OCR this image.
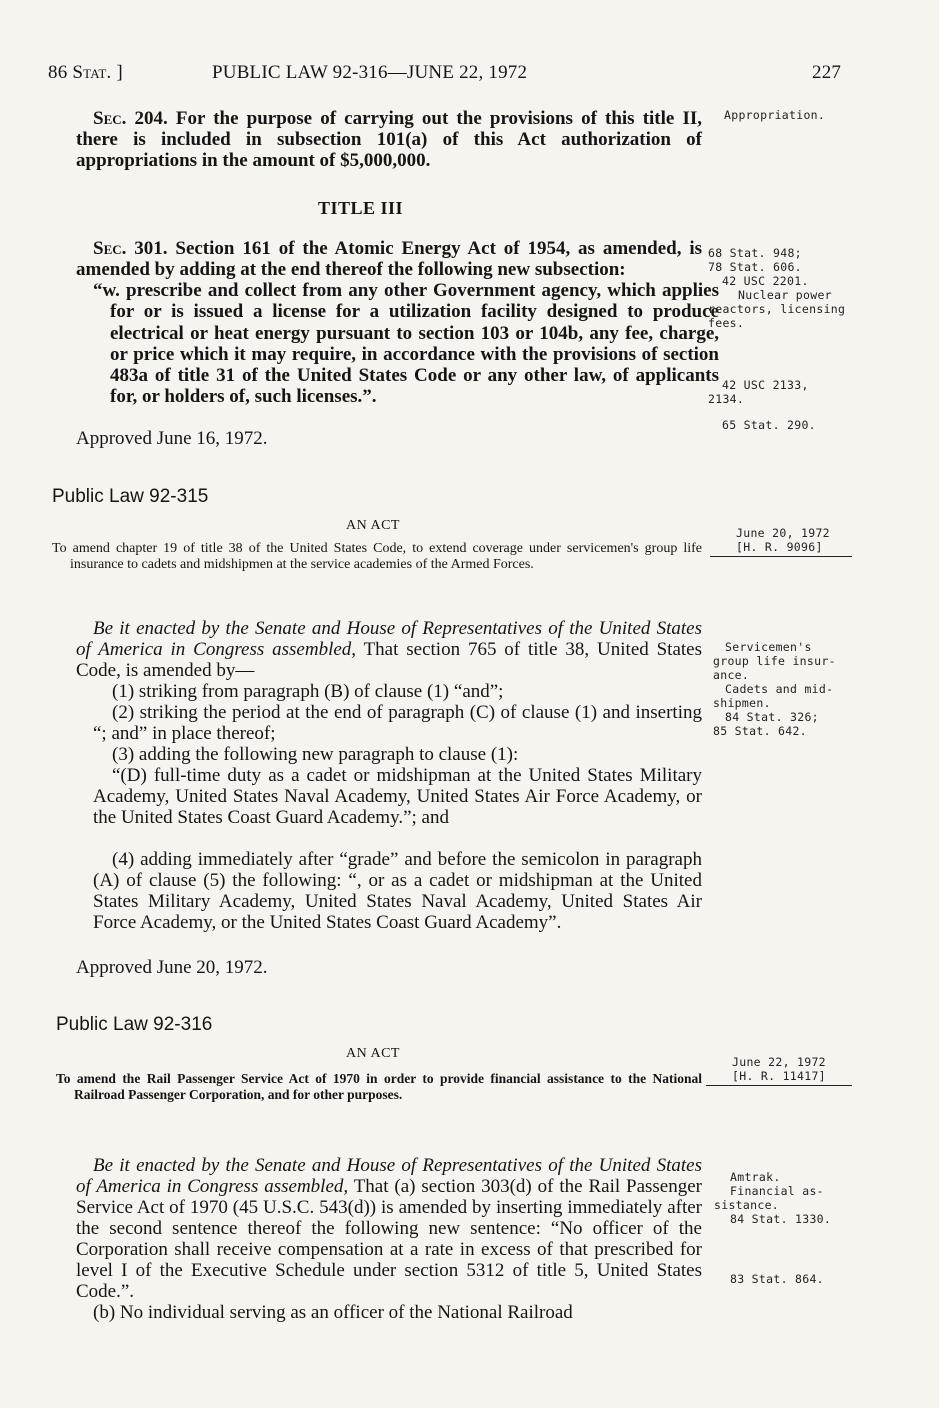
86 Stat. ]	PUBLIC LAW 92-316—JUNE 22, 1972	227
Sec. 204. For the purpose of carrying out the provisions of this title II, there is included in subsection 101(a) of this Act authorization of appropriations in the amount of $5,000,000.
Appropriation.
TITLE III
Sec. 301. Section 161 of the Atomic Energy Act of 1954, as amended, is amended by adding at the end thereof the following new subsection:
“w. prescribe and collect from any other Government agency, which applies for or is issued a license for a utilization facility designed to produce electrical or heat energy pursuant to section 103 or 104b, any fee, charge, or price which it may require, in accordance with the provisions of section 483a of title 31 of the United States Code or any other law, of applicants for, or holders of, such licenses.”.
Approved June 16, 1972.

68 Stat. 948;

78 Stat. 606.

42 USC 2201.

Nuclear power

reactors, licensing

fees.

42 USC 2133,

2134.

65 Stat. 290.

Public Law 92-315
AN ACT
To amend chapter 19 of title 38 of the United States Code, to extend coverage under servicemen's group life insurance to cadets and midshipmen at the service academies of the Armed Forces.
June 20, 1972
[H. R. 9096]
Be it enacted by the Senate and House of Representatives of the United States of America in Congress assembled, That section 765 of title 38, United States Code, is amended by—
(1) striking from paragraph (B) of clause (1) “and”;
(2) striking the period at the end of paragraph (C) of clause (1) and inserting “; and” in place thereof;
(3) adding the following new paragraph to clause (1):
“(D) full-time duty as a cadet or midshipman at the United States Military Academy, United States Naval Academy, United States Air Force Academy, or the United States Coast Guard Academy.”; and
(4) adding immediately after “grade” and before the semicolon in paragraph (A) of clause (5) the following: “, or as a cadet or midshipman at the United States Military Academy, United States Naval Academy, United States Air Force Academy, or the United States Coast Guard Academy”.
Approved June 20, 1972.

Servicemen's

group life insur-

ance.

Cadets and mid-

shipmen.

84 Stat. 326;

85 Stat. 642.

Public Law 92-316
AN ACT
To amend the Rail Passenger Service Act of 1970 in order to provide financial assistance to the National Railroad Passenger Corporation, and for other purposes.
June 22, 1972
[H. R. 11417]
Be it enacted by the Senate and House of Representatives of the United States of America in Congress assembled, That (a) section 303(d) of the Rail Passenger Service Act of 1970 (45 U.S.C. 543(d)) is amended by inserting immediately after the second sentence thereof the following new sentence: “No officer of the Corporation shall receive compensation at a rate in excess of that prescribed for level I of the Executive Schedule under section 5312 of title 5, United States Code.”.
(b) No individual serving as an officer of the National Railroad

Amtrak.

Financial as-

sistance.

84 Stat. 1330.

83 Stat. 864.
